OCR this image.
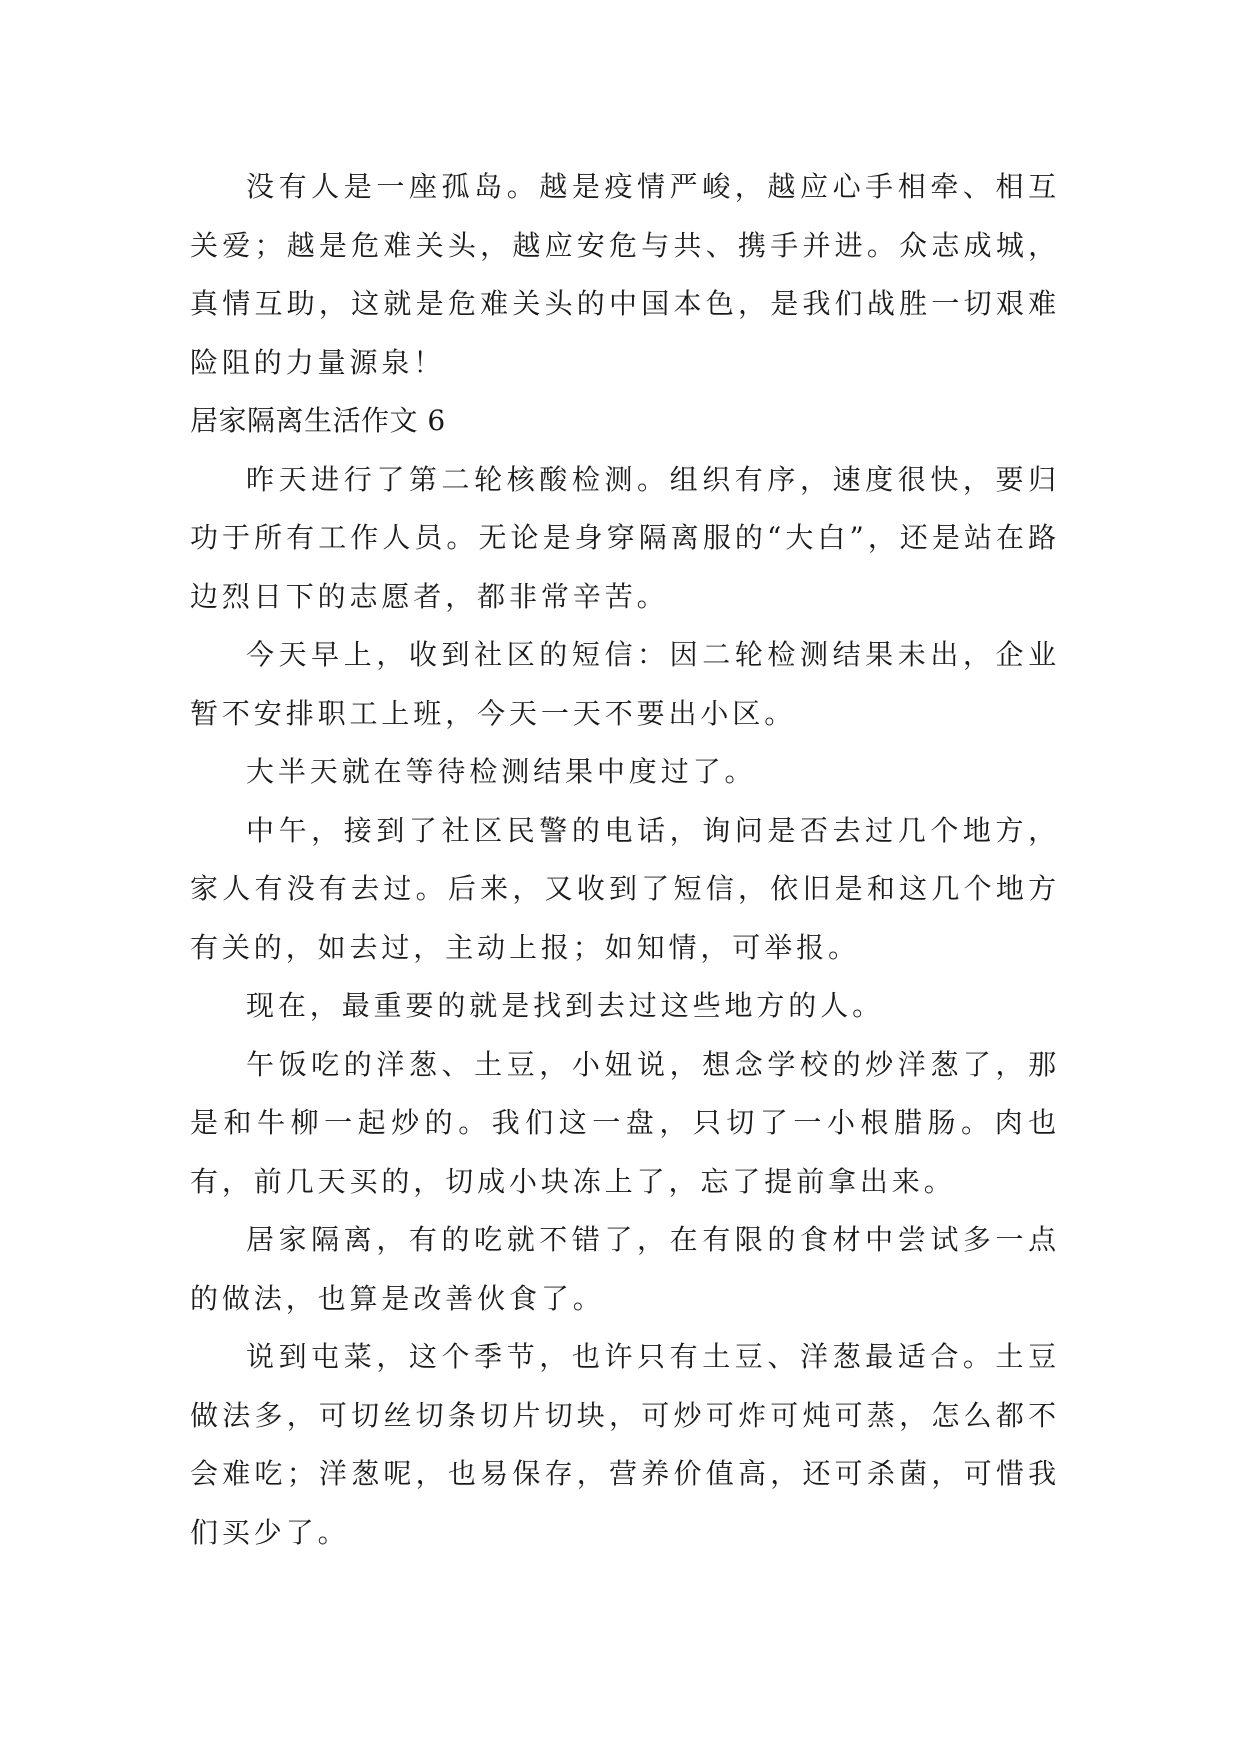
没有人是一座孤岛。越是疫情严峻，越应心手相牵、相互关爱；越是危难关头，越应安危与共、携手并进。众志成城，真情互助，这就是危难关头的中国本色，是我们战胜一切艰难险阻的力量源泉！

居家隔离生活作文 6

昨天进行了第二轮核酸检测。组织有序，速度很快，要归功于所有工作人员。无论是身穿隔离服的“大白”，还是站在路边烈日下的志愿者，都非常辛苦。

今天早上，收到社区的短信：因二轮检测结果未出，企业暂不安排职工上班，今天一天不要出小区。

大半天就在等待检测结果中度过了。

中午，接到了社区民警的电话，询问是否去过几个地方，家人有没有去过。后来，又收到了短信，依旧是和这几个地方有关的，如去过，主动上报；如知情，可举报。

现在，最重要的就是找到去过这些地方的人。

午饭吃的洋葱、土豆，小妞说，想念学校的炒洋葱了，那是和牛柳一起炒的。我们这一盘，只切了一小根腊肠。肉也有，前几天买的，切成小块冻上了，忘了提前拿出来。

居家隔离，有的吃就不错了，在有限的食材中尝试多一点的做法，也算是改善伙食了。

说到屯菜，这个季节，也许只有土豆、洋葱最适合。土豆做法多，可切丝切条切片切块，可炒可炸可炖可蒸，怎么都不会难吃；洋葱呢，也易保存，营养价值高，还可杀菌，可惜我们买少了。
